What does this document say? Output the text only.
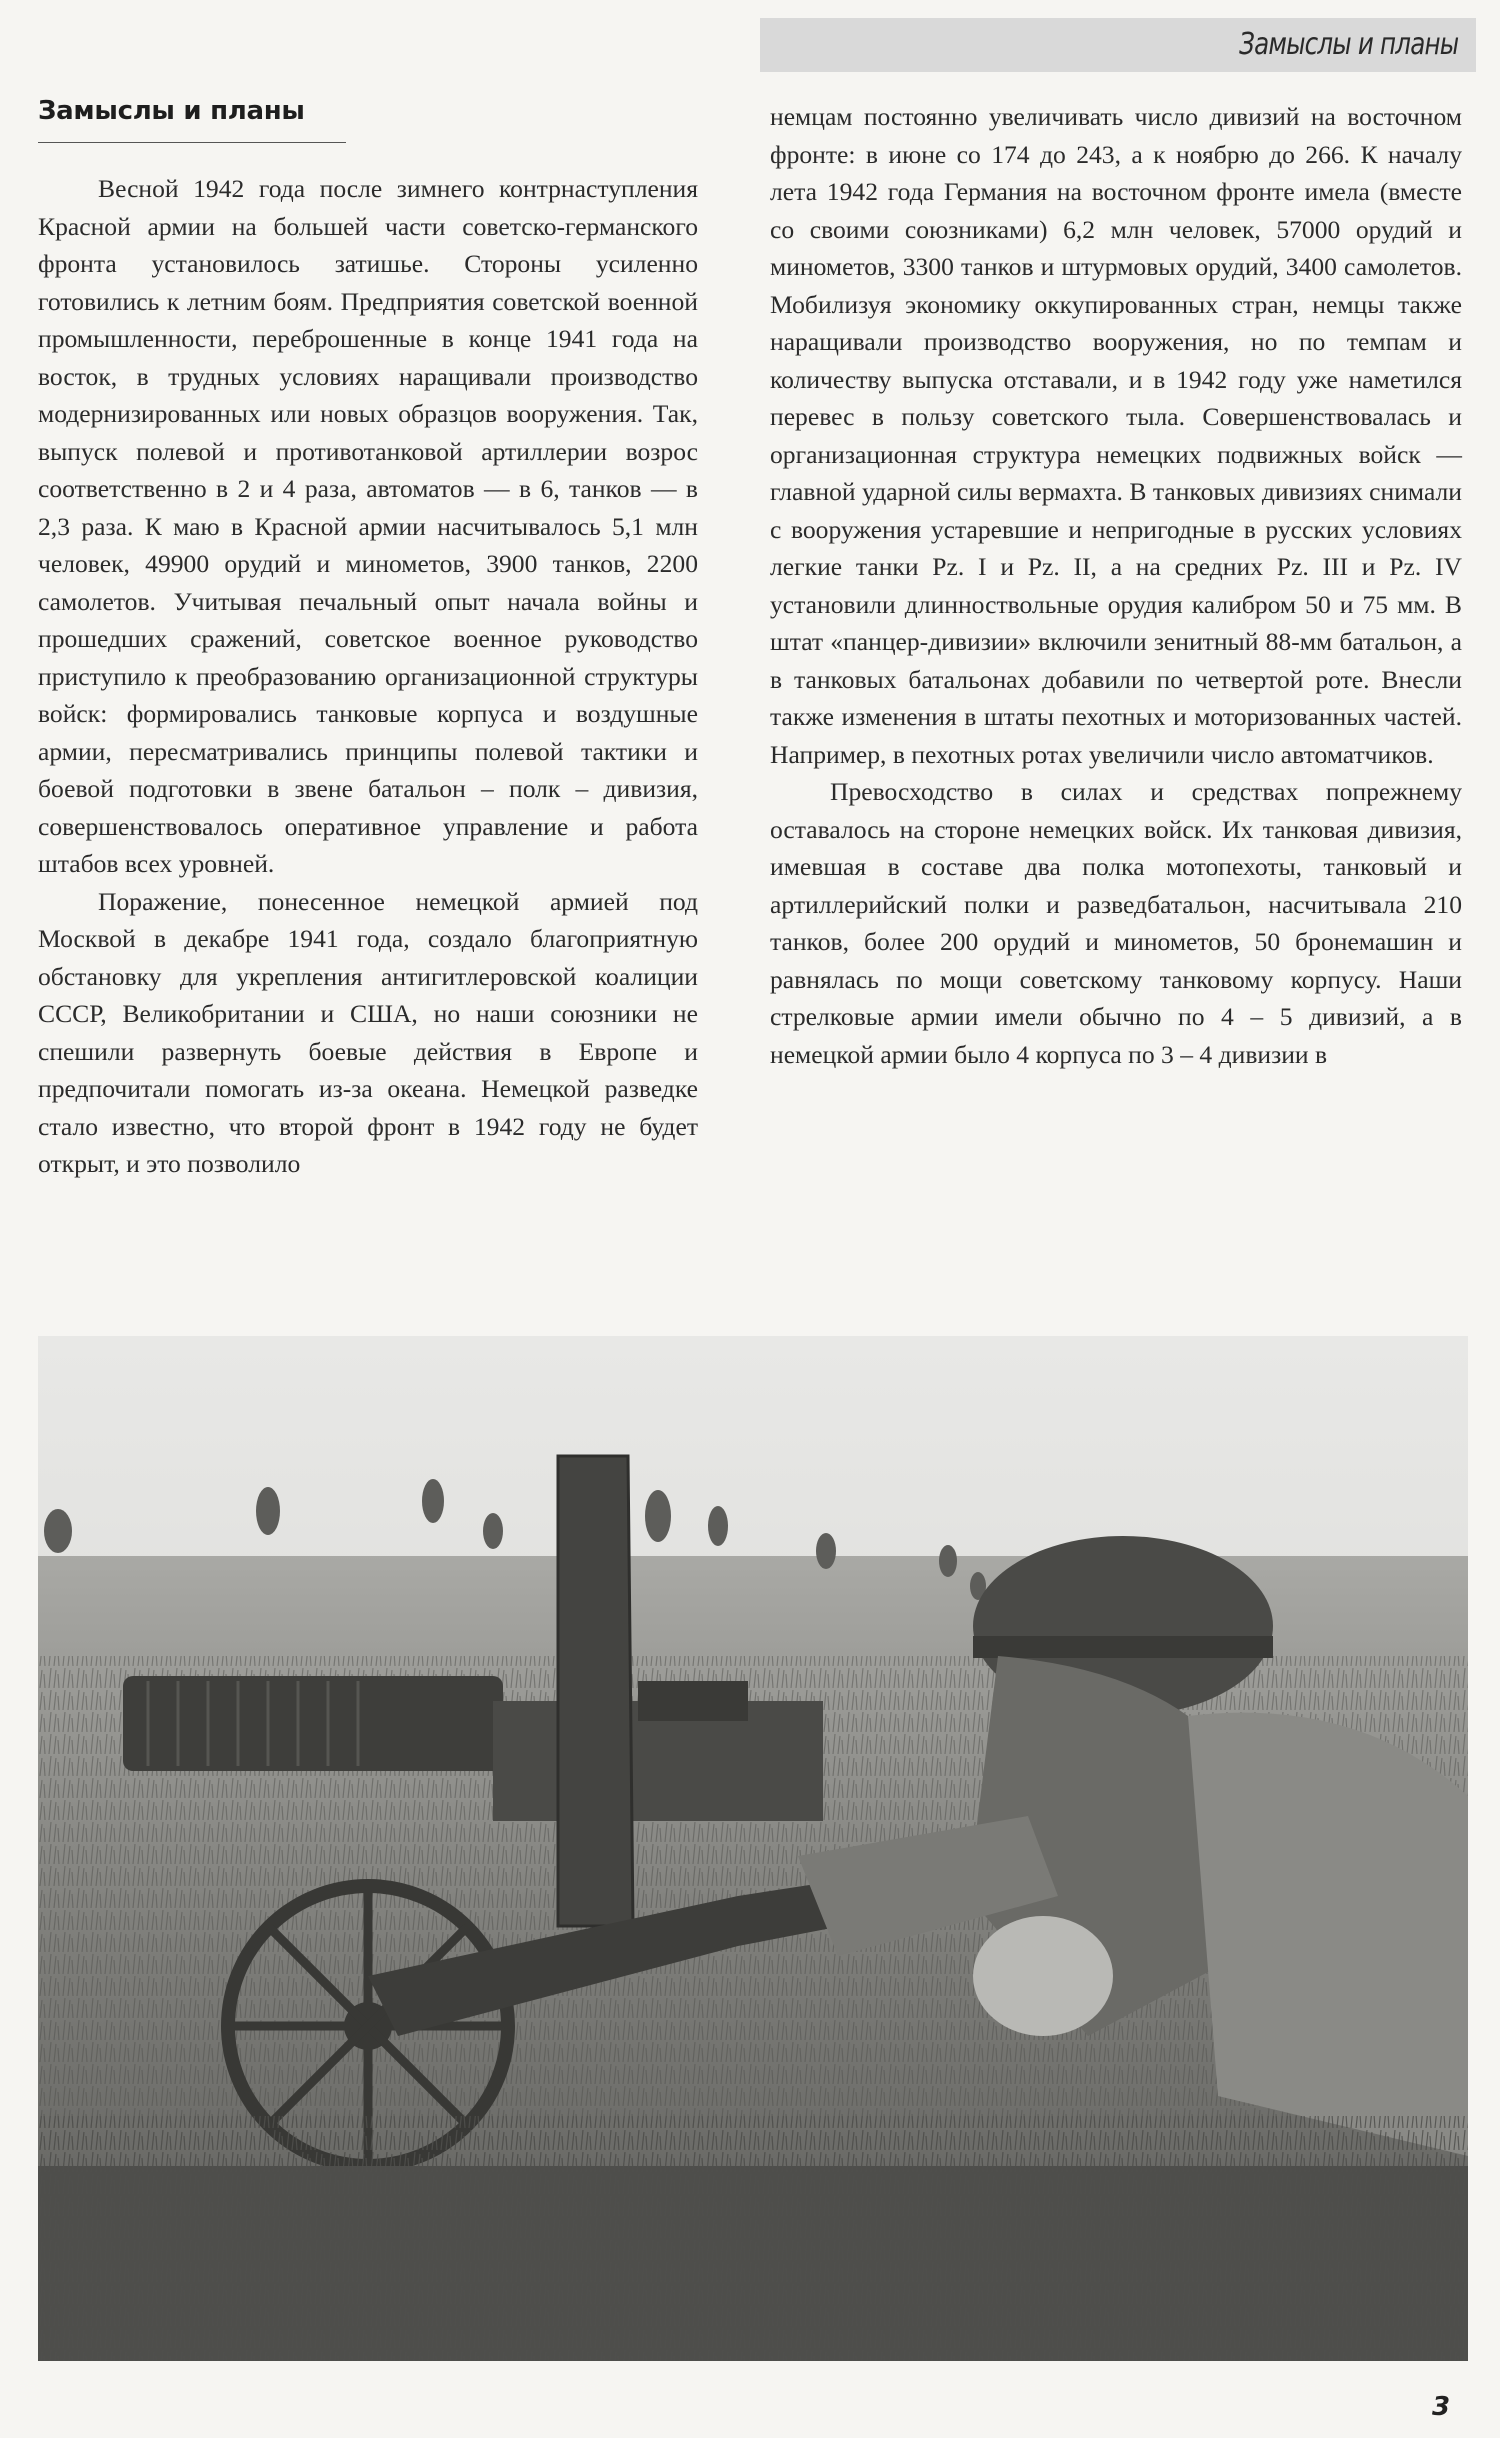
Замыслы и планы
Замыслы и планы

Весной 1942 года после зимнего контрнаступления Красной армии на большей части советско-германского фронта установилось затишье. Стороны усиленно готовились к летним боям. Предприятия советской военной промышленности, переброшенные в конце 1941 года на восток, в трудных условиях наращивали производство модернизированных или новых образцов вооружения. Так, выпуск полевой и противотанковой артиллерии возрос соответственно в 2 и 4 раза, автоматов — в 6, танков — в 2,3 раза. К маю в Красной армии насчитывалось 5,1 млн человек, 49900 орудий и минометов, 3900 танков, 2200 самолетов. Учитывая печальный опыт начала войны и прошедших сражений, советское военное руководство приступило к преобразованию организационной структуры войск: формировались танковые корпуса и воздушные армии, пересматривались принципы полевой тактики и боевой подготовки в звене батальон – полк – дивизия, совершенствовалось оперативное управление и работа штабов всех уровней.

Поражение, понесенное немецкой армией под Москвой в декабре 1941 года, создало благоприятную обстановку для укрепления антигитлеровской коалиции СССР, Великобритании и США, но наши союзники не спешили развернуть боевые действия в Европе и предпочитали помогать из-за океана. Немецкой разведке стало известно, что второй фронт в 1942 году не будет открыт, и это позволило

немцам постоянно увеличивать число дивизий на восточном фронте: в июне со 174 до 243, а к ноябрю до 266. К началу лета 1942 года Германия на восточном фронте имела (вместе со своими союзниками) 6,2 млн человек, 57000 орудий и минометов, 3300 танков и штурмовых орудий, 3400 самолетов. Мобилизуя экономику оккупированных стран, немцы также наращивали производство вооружения, но по темпам и количеству выпуска отставали, и в 1942 году уже наметился перевес в пользу советского тыла. Совершенствовалась и организационная структура немецких подвижных войск — главной ударной силы вермахта. В танковых дивизиях снимали с вооружения устаревшие и непригодные в русских условиях легкие танки Pz. I и Pz. II, а на средних Pz. III и Pz. IV установили длинноствольные орудия калибром 50 и 75 мм. В штат «панцер-дивизии» включили зенитный 88-мм батальон, а в танковых батальонах добавили по четвертой роте. Внесли также изменения в штаты пехотных и моторизованных частей. Например, в пехотных ротах увеличили число автоматчиков.

Превосходство в силах и средствах попрежнему оставалось на стороне немецких войск. Их танковая дивизия, имевшая в составе два полка мотопехоты, танковый и артиллерийский полки и разведбатальон, насчитывала 210 танков, более 200 орудий и минометов, 50 бронемашин и равнялась по мощи советскому танковому корпусу. Наши стрелковые армии имели обычно по 4 – 5 дивизий, а в немецкой армии было 4 корпуса по 3 – 4 дивизии в

3
